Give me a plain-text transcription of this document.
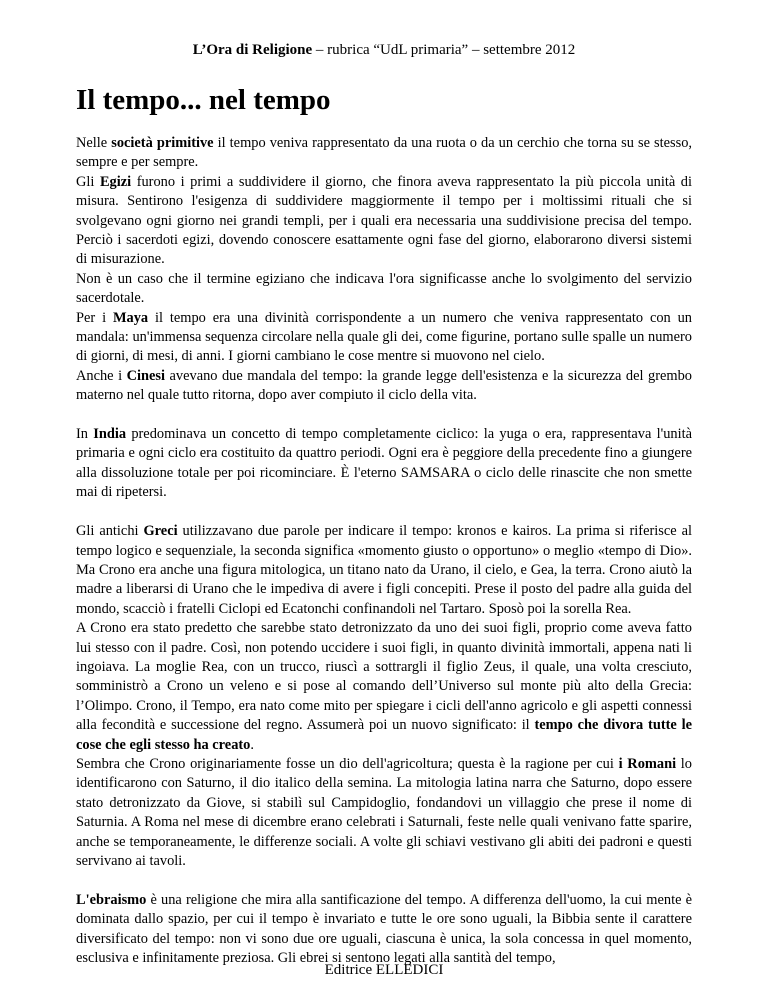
L’Ora di Religione – rubrica “UdL primaria” – settembre 2012
Il tempo... nel tempo

Nelle società primitive il tempo veniva rappresentato da una ruota o da un cerchio che torna su se stesso, sempre e per sempre.

Gli Egizi furono i primi a suddividere il giorno, che finora aveva rappresentato la più piccola unità di misura. Sentirono l'esigenza di suddividere maggiormente il tempo per i moltissimi rituali che si svolgevano ogni giorno nei grandi templi, per i quali era necessaria una suddivisione precisa del tempo. Perciò i sacerdoti egizi, dovendo conoscere esattamente ogni fase del giorno, elaborarono diversi sistemi di misurazione.

Non è un caso che il termine egiziano che indicava l'ora significasse anche lo svolgimento del servizio sacerdotale.

Per i Maya il tempo era una divinità corrispondente a un numero che veniva rappresentato con un mandala: un'immensa sequenza circolare nella quale gli dei, come figurine, portano sulle spalle un numero di giorni, di mesi, di anni. I giorni cambiano le cose mentre si muovono nel cielo.

Anche i Cinesi avevano due mandala del tempo: la grande legge dell'esistenza e la sicurezza del grembo materno nel quale tutto ritorna, dopo aver compiuto il ciclo della vita.

In India predominava un concetto di tempo completamente ciclico: la yuga o era, rappresentava l'unità primaria e ogni ciclo era costituito da quattro periodi. Ogni era è peggiore della precedente fino a giungere alla dissoluzione totale per poi ricominciare. È l'eterno SAMSARA o ciclo delle rinascite che non smette mai di ripetersi.

Gli antichi Greci utilizzavano due parole per indicare il tempo: kronos e kairos. La prima si riferisce al tempo logico e sequenziale, la seconda significa «momento giusto o opportuno» o meglio «tempo di Dio». Ma Crono era anche una figura mitologica, un titano nato da Urano, il cielo, e Gea, la terra. Crono aiutò la madre a liberarsi di Urano che le impediva di avere i figli concepiti. Prese il posto del padre alla guida del mondo, scacciò i fratelli Ciclopi ed Ecatonchi confinandoli nel Tartaro. Sposò poi la sorella Rea.

A Crono era stato predetto che sarebbe stato detronizzato da uno dei suoi figli, proprio come aveva fatto lui stesso con il padre. Così, non potendo uccidere i suoi figli, in quanto divinità immortali, appena nati li ingoiava. La moglie Rea, con un trucco, riuscì a sottrargli il figlio Zeus, il quale, una volta cresciuto, somministrò a Crono un veleno e si pose al comando dell’Universo sul monte più alto della Grecia: l’Olimpo. Crono, il Tempo, era nato come mito per spiegare i cicli dell'anno agricolo e gli aspetti connessi alla fecondità e successione del regno. Assumerà poi un nuovo significato: il tempo che divora tutte le cose che egli stesso ha creato.

Sembra che Crono originariamente fosse un dio dell'agricoltura; questa è la ragione per cui i Romani lo identificarono con Saturno, il dio italico della semina. La mitologia latina narra che Saturno, dopo essere stato detronizzato da Giove, si stabilì sul Campidoglio, fondandovi un villaggio che prese il nome di Saturnia. A Roma nel mese di dicembre erano celebrati i Saturnali, feste nelle quali venivano fatte sparire, anche se temporaneamente, le differenze sociali. A volte gli schiavi vestivano gli abiti dei padroni e questi servivano ai tavoli.

L'ebraismo è una religione che mira alla santificazione del tempo. A differenza dell'uomo, la cui mente è dominata dallo spazio, per cui il tempo è invariato e tutte le ore sono uguali, la Bibbia sente il carattere diversificato del tempo: non vi sono due ore uguali, ciascuna è unica, la sola concessa in quel momento, esclusiva e infinitamente preziosa. Gli ebrei si sentono legati alla santità del tempo,

Editrice ELLEDICI
